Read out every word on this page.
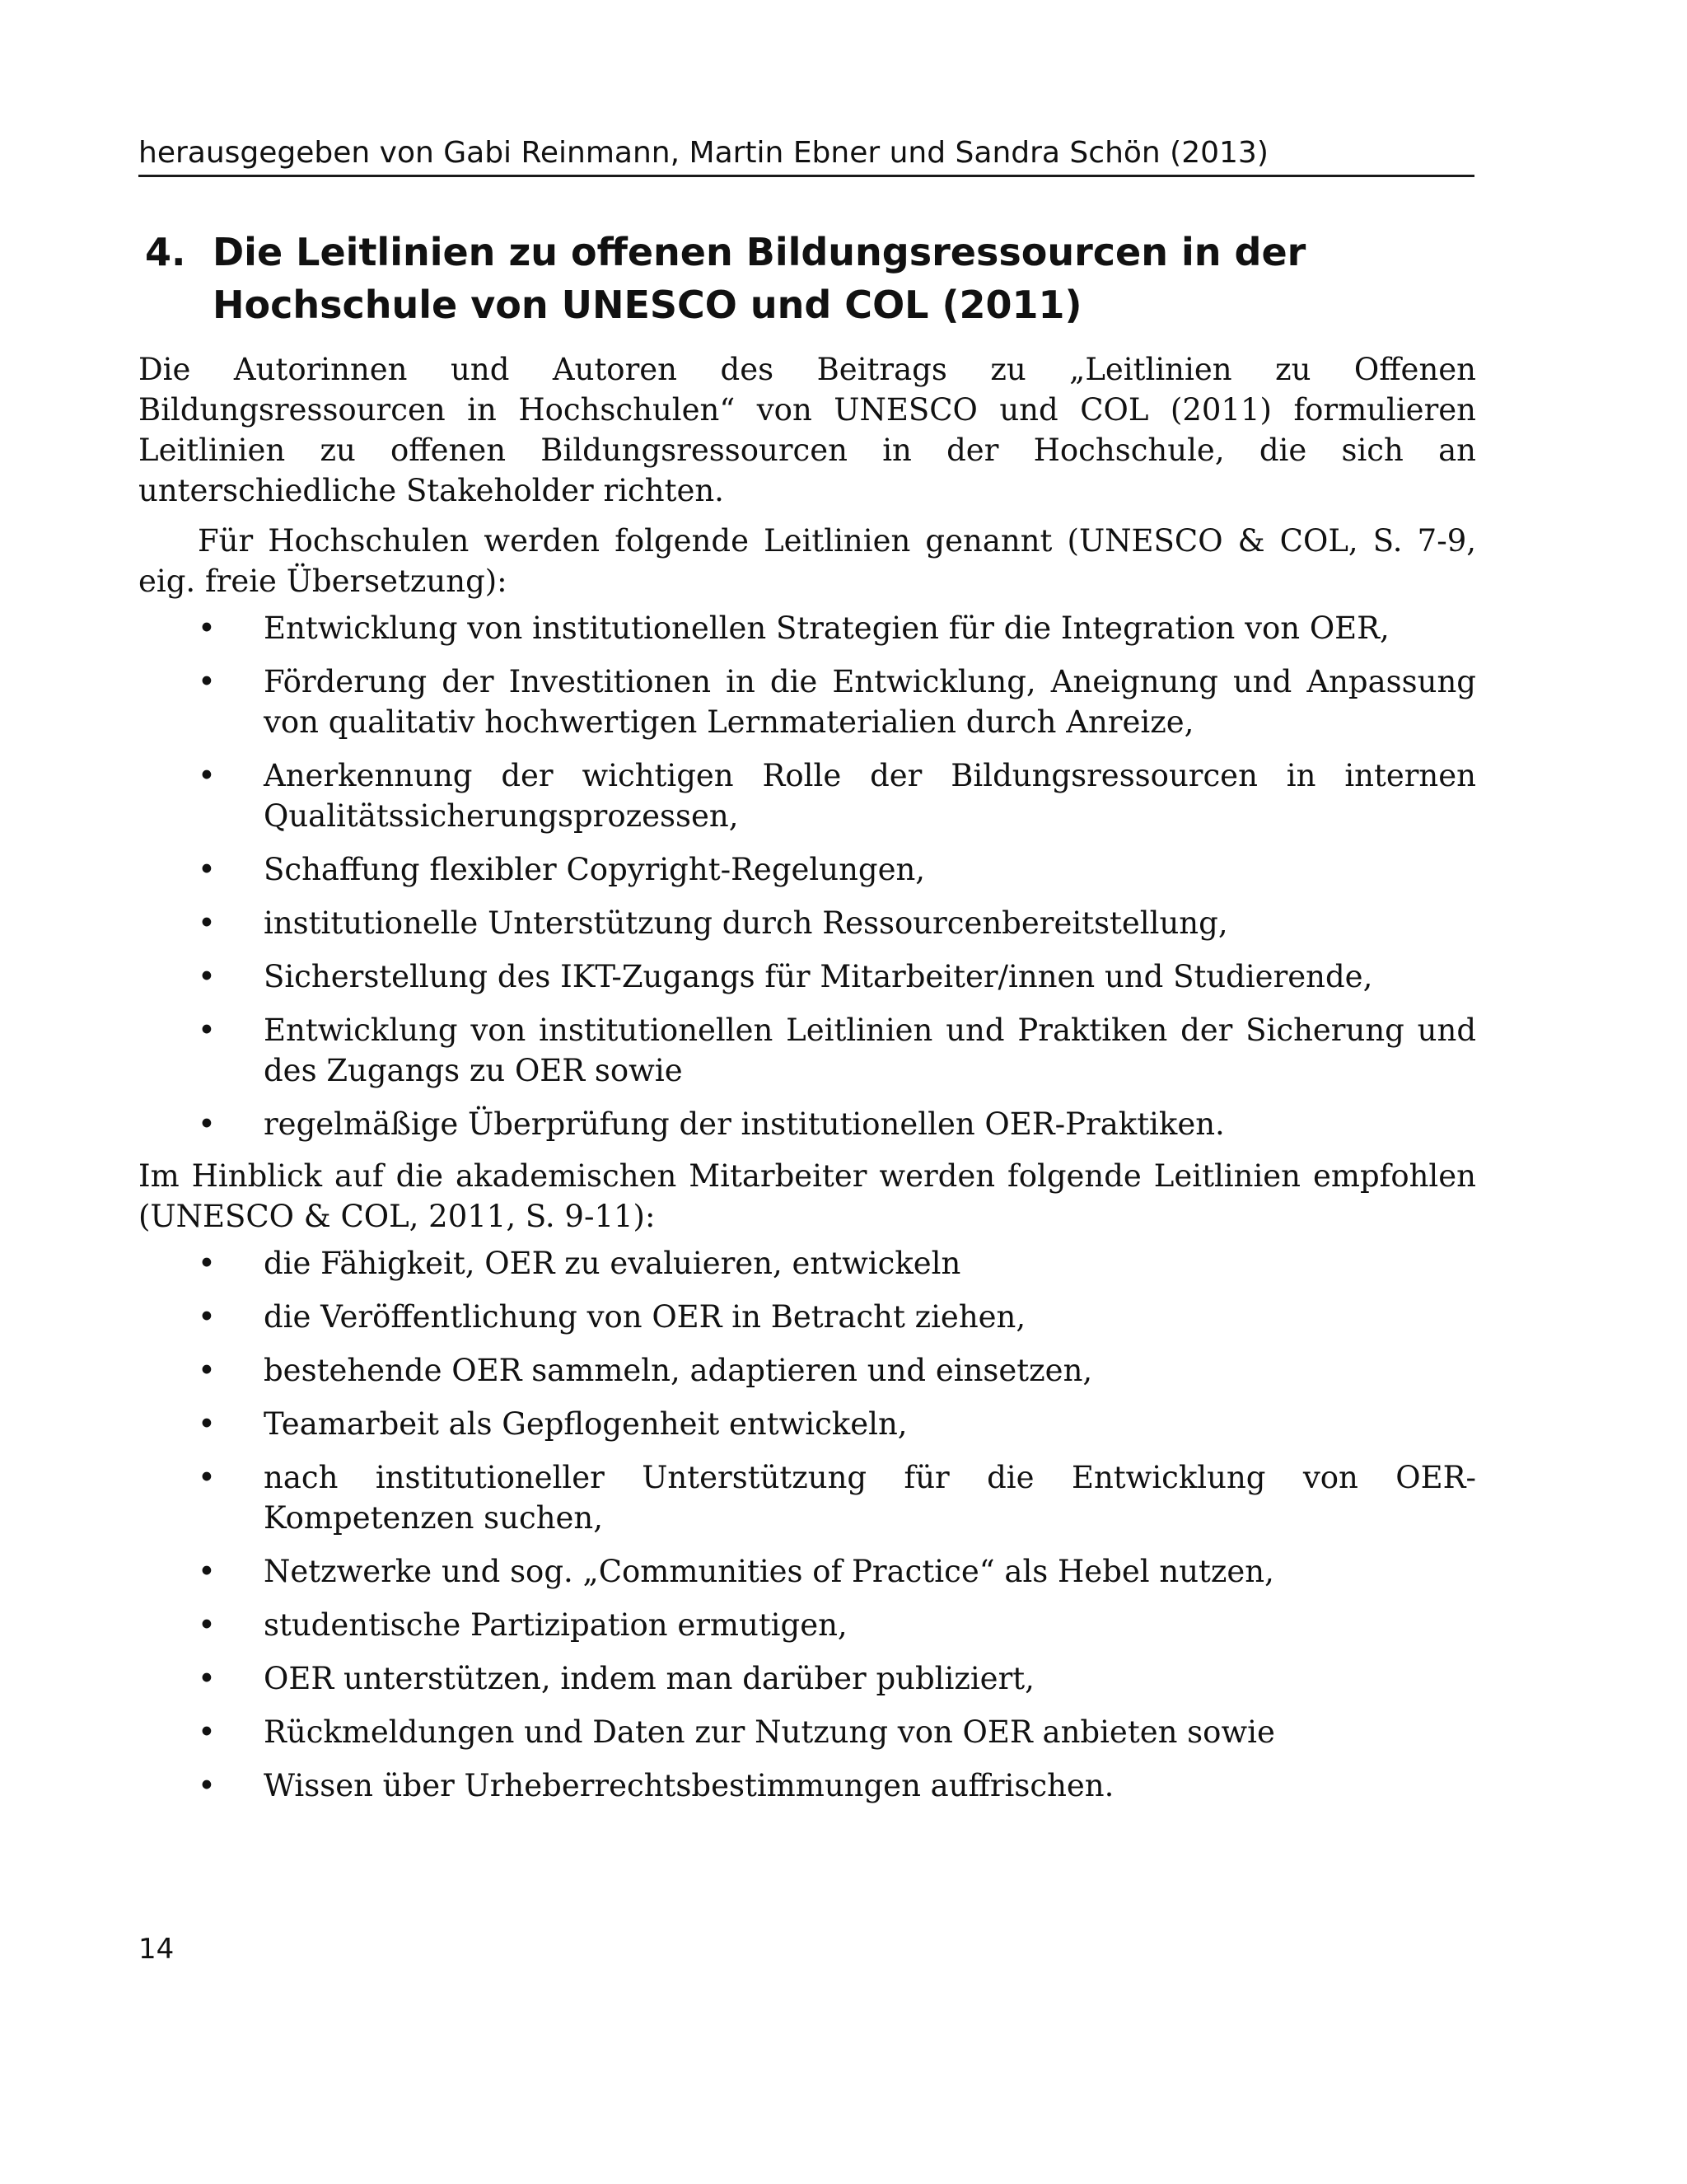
herausgegeben von Gabi Reinmann, Martin Ebner und Sandra Schön (2013)
4. Die Leitlinien zu offenen Bildungsressourcen in der Hochschule von UNESCO und COL (2011)

Die Autorinnen und Autoren des Beitrags zu „Leitlinien zu Offenen Bildungsressourcen in Hochschulen“ von UNESCO und COL (2011) formulieren Leitlinien zu offenen Bildungsressourcen in der Hochschule, die sich an unterschiedliche Stakeholder richten.

Für Hochschulen werden folgende Leitlinien genannt (UNESCO & COL, S. 7-9, eig. freie Übersetzung):

• Entwicklung von institutionellen Strategien für die Integration von OER,
• Förderung der Investitionen in die Entwicklung, Aneignung und Anpassung von qualitativ hochwertigen Lernmaterialien durch Anreize,
• Anerkennung der wichtigen Rolle der Bildungsressourcen in internen Qualitätssicherungsprozessen,
• Schaffung flexibler Copyright-Regelungen,
• institutionelle Unterstützung durch Ressourcenbereitstellung,
• Sicherstellung des IKT-Zugangs für Mitarbeiter/innen und Studierende,
• Entwicklung von institutionellen Leitlinien und Praktiken der Sicherung und des Zugangs zu OER sowie
• regelmäßige Überprüfung der institutionellen OER-Praktiken.

Im Hinblick auf die akademischen Mitarbeiter werden folgende Leitlinien empfohlen (UNESCO & COL, 2011, S. 9-11):

• die Fähigkeit, OER zu evaluieren, entwickeln
• die Veröffentlichung von OER in Betracht ziehen,
• bestehende OER sammeln, adaptieren und einsetzen,
• Teamarbeit als Gepflogenheit entwickeln,
• nach institutioneller Unterstützung für die Entwicklung von OER-Kompetenzen suchen,
• Netzwerke und sog. „Communities of Practice“ als Hebel nutzen,
• studentische Partizipation ermutigen,
• OER unterstützen, indem man darüber publiziert,
• Rückmeldungen und Daten zur Nutzung von OER anbieten sowie
• Wissen über Urheberrechtsbestimmungen auffrischen.
14
